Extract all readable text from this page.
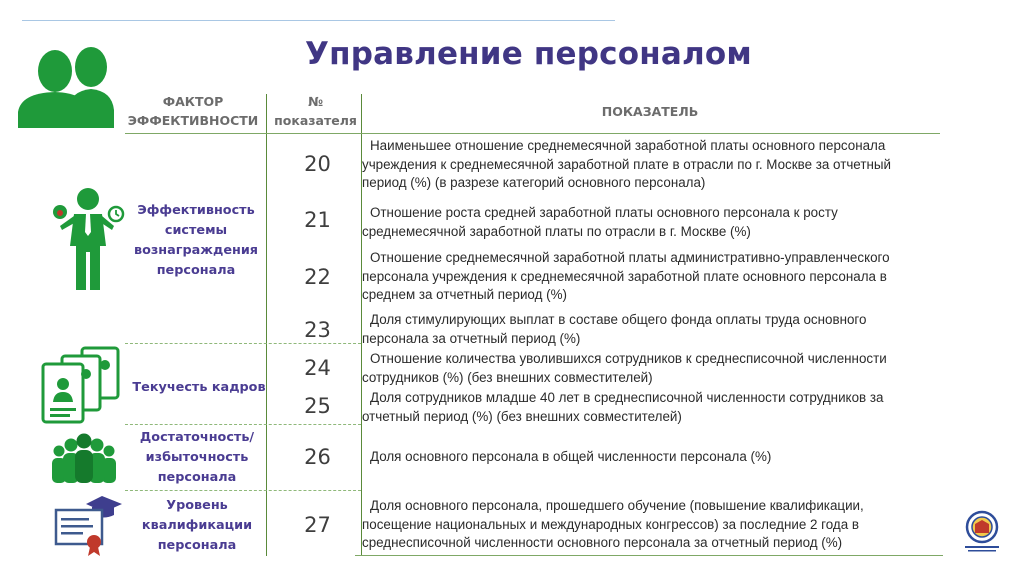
Управление персоналом
ФАКТОР
ЭФФЕКТИВНОСТИ
№
показателя
ПОКАЗАТЕЛЬ
Эффективность
системы
вознаграждения
персонала
Текучесть кадров
Достаточность/
избыточность
персонала
Уровень
квалификации
персонала
20
21
22
23
24
25
26
27
Наименьшее отношение среднемесячной заработной платы основного персонала
учреждения к среднемесячной заработной плате в отрасли по г. Москве за отчетный
период (%) (в разрезе категорий основного персонала)
Отношение роста средней заработной платы основного персонала к росту
среднемесячной заработной платы по отрасли в г. Москве (%)
Отношение среднемесячной заработной платы административно-управленческого
персонала учреждения к среднемесячной заработной плате основного персонала в
среднем за отчетный период (%)
Доля стимулирующих выплат в составе общего фонда оплаты труда основного
персонала за отчетный период (%)
Отношение количества уволившихся сотрудников к среднесписочной численности
сотрудников (%) (без внешних совместителей)
Доля сотрудников младше 40 лет в среднесписочной численности сотрудников за
отчетный период (%) (без внешних совместителей)
Доля основного персонала в общей численности персонала (%)
Доля основного персонала, прошедшего обучение (повышение квалификации,
посещение национальных и международных конгрессов) за последние 2 года в
среднесписочной численности основного персонала за отчетный период (%)
